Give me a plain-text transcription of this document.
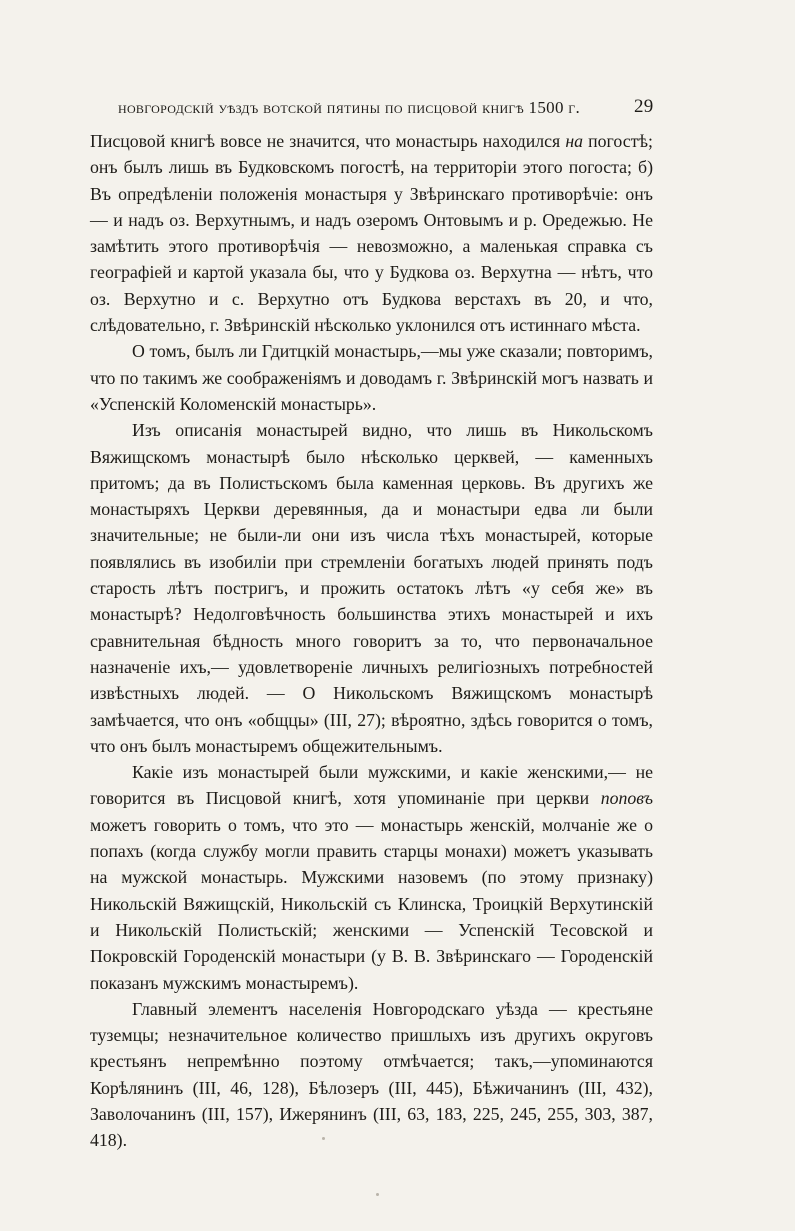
новгородскій уѣздъ вотской пятины по писцовой книгѣ 1500 г.	29

Писцовой книгѣ вовсе не значится, что монастырь находился на погостѣ; онъ былъ лишь въ Будковскомъ погостѣ, на территоріи этого погоста; б) Въ опредѣленіи положенія монастыря у Звѣринскаго противорѣчіе: онъ — и надъ оз. Верхутнымъ, и надъ озеромъ Онтовымъ и р. Оредежью. Не замѣтить этого противорѣчія — невозможно, а маленькая справка съ географіей и картой указала бы, что у Будкова оз. Верхутна — нѣтъ, что оз. Верхутно и с. Верхутно отъ Будкова верстахъ въ 20, и что, слѣдовательно, г. Звѣринскій нѣсколько уклонился отъ истиннаго мѣста.

О томъ, былъ ли Гдитцкій монастырь,—мы уже сказали; повторимъ, что по такимъ же соображеніямъ и доводамъ г. Звѣринскій могъ назвать и «Успенскій Коломенскій монастырь».

Изъ описанія монастырей видно, что лишь въ Никольскомъ Вяжищскомъ монастырѣ было нѣсколько церквей, — каменныхъ притомъ; да въ Полистьскомъ была каменная церковь. Въ другихъ же монастыряхъ Церкви деревянныя, да и монастыри едва ли были значительные; не были-ли они изъ числа тѣхъ монастырей, которые появлялись въ изобиліи при стремленіи богатыхъ людей принять подъ старость лѣтъ постригъ, и прожить остатокъ лѣтъ «у себя же» въ монастырѣ? Недолговѣчность большинства этихъ монастырей и ихъ сравнительная бѣдность много говоритъ за то, что первоначальное назначеніе ихъ,— удовлетвореніе личныхъ религіозныхъ потребностей извѣстныхъ людей. — О Никольскомъ Вяжищскомъ монастырѣ замѣчается, что онъ «общцы» (III, 27); вѣроятно, здѣсь говорится о томъ, что онъ былъ монастыремъ общежительнымъ.

Какіе изъ монастырей были мужскими, и какіе женскими,— не говорится въ Писцовой книгѣ, хотя упоминаніе при церкви поповъ можетъ говорить о томъ, что это — монастырь женскій, молчаніе же о попахъ (когда службу могли править старцы монахи) можетъ указывать на мужской монастырь. Мужскими назовемъ (по этому признаку) Никольскій Вяжищскій, Никольскій съ Клинска, Троицкій Верхутинскій и Никольскій Полистьскій; женскими — Успенскій Тесовской и Покровскій Городенскій монастыри (у В. В. Звѣринскаго — Городенскій показанъ мужскимъ монастыремъ).

Главный элементъ населенія Новгородскаго уѣзда — крестьяне туземцы; незначительное количество пришлыхъ изъ другихъ округовъ крестьянъ непремѣнно поэтому отмѣчается; такъ,—упоминаются Корѣлянинъ (III, 46, 128), Бѣлозеръ (III, 445), Бѣжичанинъ (III, 432), Заволочанинъ (III, 157), Ижерянинъ (III, 63, 183, 225, 245, 255, 303, 387, 418).
